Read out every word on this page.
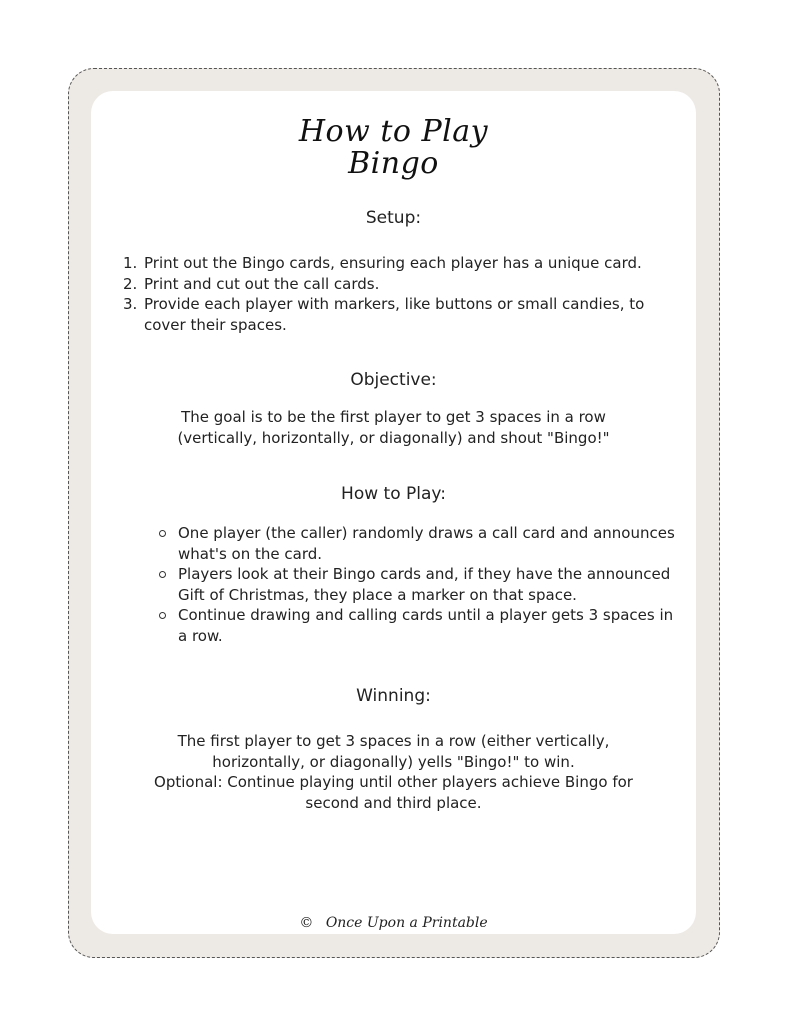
How to Play
Bingo
Setup:
1. Print out the Bingo cards, ensuring each player has a unique card.
2. Print and cut out the call cards.
3. Provide each player with markers, like buttons or small candies, to cover their spaces.
Objective:
The goal is to be the first player to get 3 spaces in a row
(vertically, horizontally, or diagonally) and shout "Bingo!"
How to Play:
One player (the caller) randomly draws a call card and announces what's on the card.
Players look at their Bingo cards and, if they have the announced Gift of Christmas, they place a marker on that space.
Continue drawing and calling cards until a player gets 3 spaces in a row.
Winning:
The first player to get 3 spaces in a row (either vertically,
horizontally, or diagonally) yells "Bingo!" to win.
Optional: Continue playing until other players achieve Bingo for
second and third place.
© Once Upon a Printable
